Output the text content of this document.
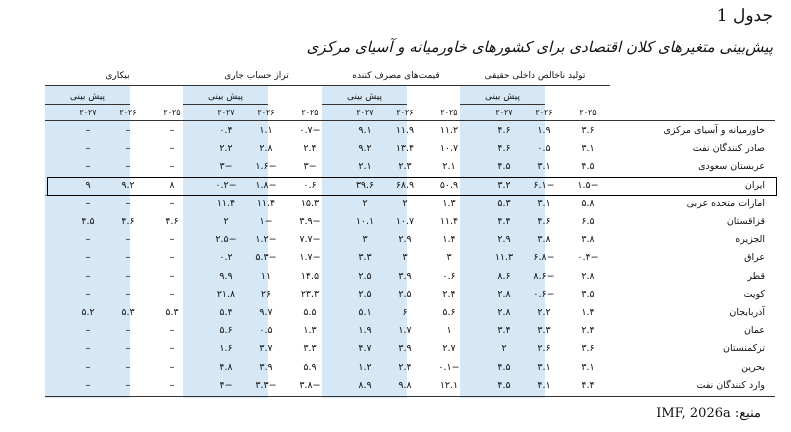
جدول 1
پیش‌بینی متغیرهای کلان اقتصادی برای کشورهای خاورمیانه و آسیای مرکزی
تولید ناخالص داخلی حقیقی
پیش بینی
۲۰۲۵
۲۰۲۶
۲۰۲۷
قیمت‌های مصرف کننده
پیش بینی
۲۰۲۵
۲۰۲۶
۲۰۲۷
تراز حساب جاری
پیش بینی
۲۰۲۵
۲۰۲۶
۲۰۲۷
بیکاری
پیش بینی
۲۰۲۵
۲۰۲۶
۲۰۲۷
خاورمیانه و آسیای مرکزی
۳.۶
۱.۹
۴.۶
۱۱.۲
۱۱.۹
۹.۱
−۰.۷
۱.۱
۰.۴
–
–
–
صادر کنندگان نفت
۳.۱
۰.۵
۴.۶
۱۰.۷
۱۳.۴
۹.۲
۲.۴
۲.۸
۲.۲
–
–
–
عربستان سعودی
۴.۵
۳.۱
۴.۵
۲.۱
۲.۳
۲.۱
−۳
−۱.۶
−۳
–
–
–
ایران
−۱.۵
−۶.۱
۳.۲
۵۰.۹
۶۸.۹
۳۹.۶
۰.۶
−۱.۸
−۰.۲
۸
۹.۲
۹
امارات متحده عربی
۵.۸
۳.۱
۵.۳
۱.۳
۲
۲
۱۵.۳
۱۱.۴
۱۱.۴
–
–
–
قزاقستان
۶.۵
۴.۶
۴.۴
۱۱.۴
۱۰.۷
۱۰.۱
−۳.۹
−۱
۲
۴.۶
۴.۶
۴.۵
الجزیره
۳.۸
۳.۸
۲.۹
۱.۴
۲.۹
۳
−۷.۷
−۱.۲
−۲.۵
–
–
–
عراق
−۰.۴
−۶.۸
۱۱.۳
۳
۳
۳.۳
−۱.۷
−۵.۳
۰.۲
–
–
–
قطر
۲.۸
−۸.۶
۸.۶
۰.۶
۳.۹
۲.۵
۱۴.۵
۱۱
۹.۹
–
–
–
کویت
۳.۵
−۰.۶
۲.۸
۲.۴
۲.۵
۲.۵
۲۳.۳
۲۶
۲۱.۸
–
–
–
آذربایجان
۱.۴
۲.۲
۲.۸
۵.۶
۶
۵.۱
۵.۵
۹.۷
۵.۴
۵.۳
۵.۳
۵.۲
عمان
۲.۴
۳.۳
۳.۴
۱
۱.۷
۱.۹
۱.۳
۰.۵
۵.۶
–
–
–
ترکمنستان
۳.۶
۲.۶
۲
۲.۷
۳.۹
۴.۷
۳.۳
۳.۷
۱.۶
–
–
–
بحرین
۳.۱
۳.۱
۴.۵
−۰.۱
۲.۴
۱.۲
۵.۹
۳.۹
۴.۸
–
–
–
وارد کنندگان نفت
۴.۴
۴.۱
۴.۵
۱۲.۱
۹.۸
۸.۹
−۳.۸
−۳.۳
−۴
–
–
–
منبع: IMF, 2026a
